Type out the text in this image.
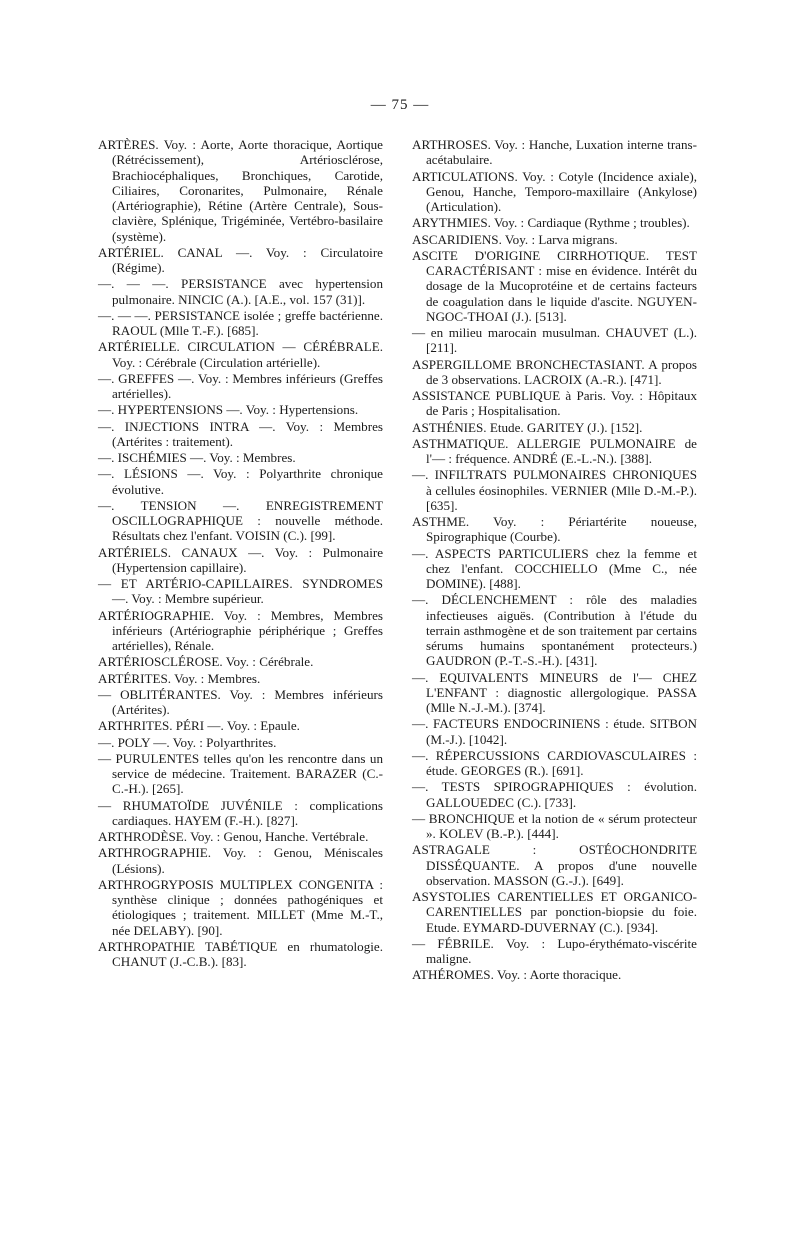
— 75 —

ARTÈRES. Voy. : Aorte, Aorte thoracique, Aortique (Rétrécissement), Artériosclérose, Brachiocéphaliques, Bronchiques, Carotide, Ciliaires, Coronarites, Pulmonaire, Rénale (Artériographie), Rétine (Artère Centrale), Sous-clavière, Splénique, Trigéminée, Vertébro-basilaire (système).

ARTÉRIEL. CANAL —. Voy. : Circulatoire (Régime).

—. — —. PERSISTANCE avec hypertension pulmonaire. NINCIC (A.). [A.E., vol. 157 (31)].

—. — —. PERSISTANCE isolée ; greffe bactérienne. RAOUL (Mlle T.-F.). [685].

ARTÉRIELLE. CIRCULATION — CÉRÉBRALE. Voy. : Cérébrale (Circulation artérielle).

—. GREFFES —. Voy. : Membres inférieurs (Greffes artérielles).

—. HYPERTENSIONS —. Voy. : Hypertensions.

—. INJECTIONS INTRA —. Voy. : Membres (Artérites : traitement).

—. ISCHÉMIES —. Voy. : Membres.

—. LÉSIONS —. Voy. : Polyarthrite chronique évolutive.

—. TENSION —. ENREGISTREMENT OSCILLOGRAPHIQUE : nouvelle méthode. Résultats chez l'enfant. VOISIN (C.). [99].

ARTÉRIELS. CANAUX —. Voy. : Pulmonaire (Hypertension capillaire).

— ET ARTÉRIO-CAPILLAIRES. SYNDROMES —. Voy. : Membre supérieur.

ARTÉRIOGRAPHIE. Voy. : Membres, Membres inférieurs (Artériographie périphérique ; Greffes artérielles), Rénale.

ARTÉRIOSCLÉROSE. Voy. : Cérébrale.

ARTÉRITES. Voy. : Membres.

— OBLITÉRANTES. Voy. : Membres inférieurs (Artérites).

ARTHRITES. PÉRI —. Voy. : Epaule.

—. POLY —. Voy. : Polyarthrites.

— PURULENTES telles qu'on les rencontre dans un service de médecine. Traitement. BARAZER (C.-C.-H.). [265].

— RHUMATOÏDE JUVÉNILE : complications cardiaques. HAYEM (F.-H.). [827].

ARTHRODÈSE. Voy. : Genou, Hanche. Vertébrale.

ARTHROGRAPHIE. Voy. : Genou, Méniscales (Lésions).

ARTHROGRYPOSIS MULTIPLEX CONGENITA : synthèse clinique ; données pathogéniques et étiologiques ; traitement. MILLET (Mme M.-T., née DELABY). [90].

ARTHROPATHIE TABÉTIQUE en rhumatologie. CHANUT (J.-C.B.). [83].

ARTHROSES. Voy. : Hanche, Luxation interne trans-acétabulaire.

ARTICULATIONS. Voy. : Cotyle (Incidence axiale), Genou, Hanche, Temporo-maxillaire (Ankylose) (Articulation).

ARYTHMIES. Voy. : Cardiaque (Rythme ; troubles).

ASCARIDIENS. Voy. : Larva migrans.

ASCITE D'ORIGINE CIRRHOTIQUE. TEST CARACTÉRISANT : mise en évidence. Intérêt du dosage de la Mucoprotéine et de certains facteurs de coagulation dans le liquide d'ascite. NGUYEN-NGOC-THOAI (J.). [513].

— en milieu marocain musulman. CHAUVET (L.). [211].

ASPERGILLOME BRONCHECTASIANT. A propos de 3 observations. LACROIX (A.-R.). [471].

ASSISTANCE PUBLIQUE à Paris. Voy. : Hôpitaux de Paris ; Hospitalisation.

ASTHÉNIES. Etude. GARITEY (J.). [152].

ASTHMATIQUE. ALLERGIE PULMONAIRE de l'— : fréquence. ANDRÉ (E.-L.-N.). [388].

—. INFILTRATS PULMONAIRES CHRONIQUES à cellules éosinophiles. VERNIER (Mlle D.-M.-P.). [635].

ASTHME. Voy. : Périartérite noueuse, Spirographique (Courbe).

—. ASPECTS PARTICULIERS chez la femme et chez l'enfant. COCCHIELLO (Mme C., née DOMINE). [488].

—. DÉCLENCHEMENT : rôle des maladies infectieuses aiguës. (Contribution à l'étude du terrain asthmogène et de son traitement par certains sérums humains spontanément protecteurs.) GAUDRON (P.-T.-S.-H.). [431].

—. EQUIVALENTS MINEURS de l'— CHEZ L'ENFANT : diagnostic allergologique. PASSA (Mlle N.-J.-M.). [374].

—. FACTEURS ENDOCRINIENS : étude. SITBON (M.-J.). [1042].

—. RÉPERCUSSIONS CARDIOVASCULAIRES : étude. GEORGES (R.). [691].

—. TESTS SPIROGRAPHIQUES : évolution. GALLOUEDEC (C.). [733].

— BRONCHIQUE et la notion de « sérum protecteur ». KOLEV (B.-P.). [444].

ASTRAGALE : OSTÉOCHONDRITE DISSÉQUANTE. A propos d'une nouvelle observation. MASSON (G.-J.). [649].

ASYSTOLIES CARENTIELLES ET ORGANICO-CARENTIELLES par ponction-biopsie du foie. Etude. EYMARD-DUVERNAY (C.). [934].

— FÉBRILE. Voy. : Lupo-érythémato-viscérite maligne.

ATHÉROMES. Voy. : Aorte thoracique.
